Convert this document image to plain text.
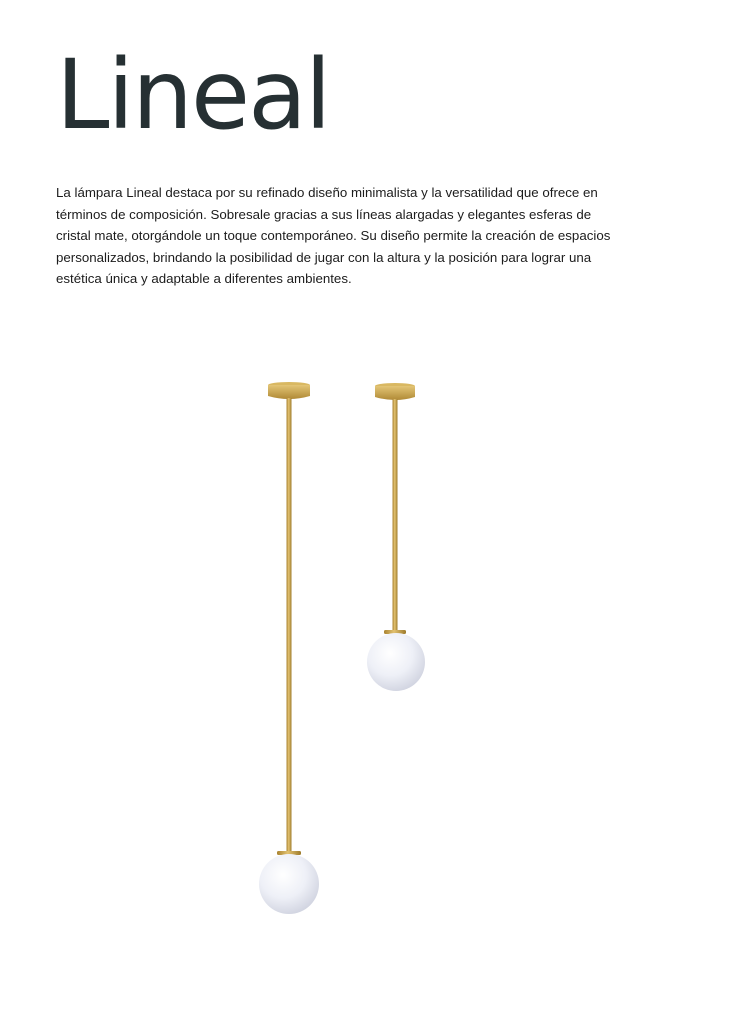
Lineal

La lámpara Lineal destaca por su refinado diseño minimalista y la versatilidad que ofrece en términos de composición. Sobresale gracias a sus líneas alargadas y elegantes esferas de cristal mate, otorgándole un toque contemporáneo. Su diseño permite la creación de espacios personalizados, brindando la posibilidad de jugar con la altura y la posición para lograr una estética única y adaptable a diferentes ambientes.
